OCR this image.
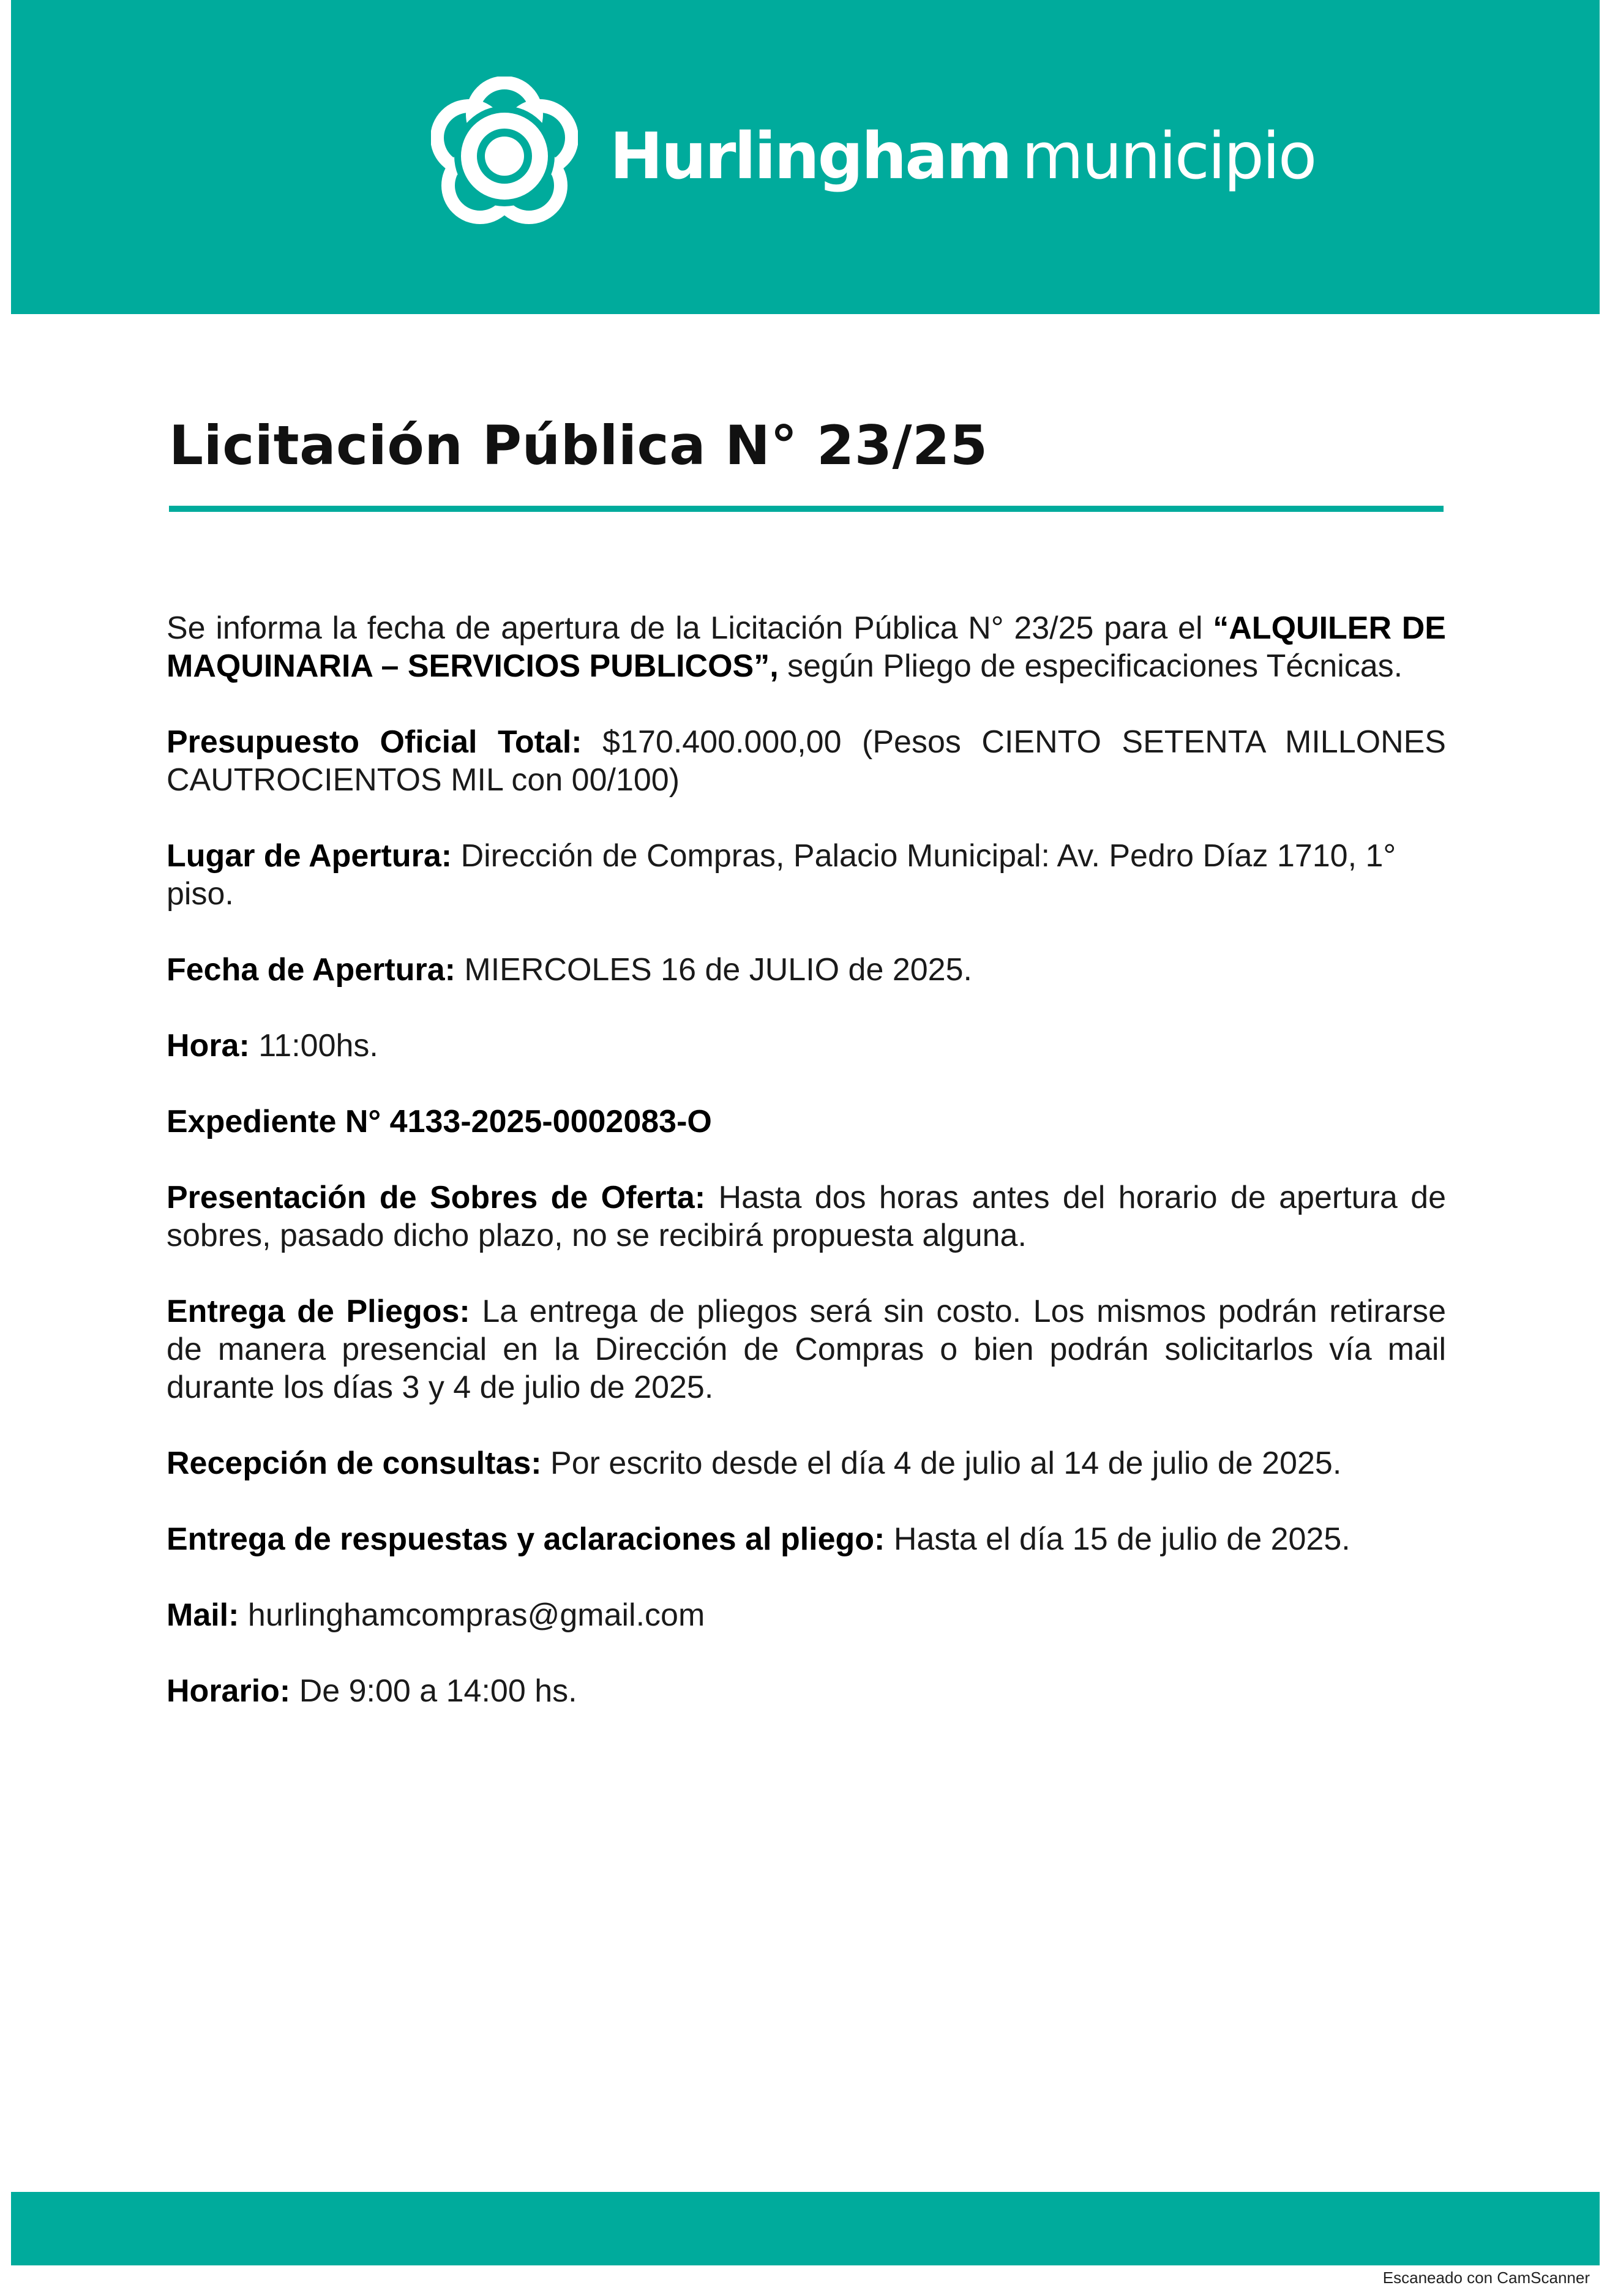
Hurlingham municipio
Licitación Pública N° 23/25

Se informa la fecha de apertura de la Licitación Pública N° 23/25 para el “ALQUILER DE MAQUINARIA – SERVICIOS PUBLICOS”, según Pliego de especificaciones Técnicas.

Presupuesto Oficial Total: $170.400.000,00 (Pesos CIENTO SETENTA MILLONES CAUTROCIENTOS MIL con 00/100)

Lugar de Apertura: Dirección de Compras, Palacio Municipal: Av. Pedro Díaz 1710, 1° piso.

Fecha de Apertura: MIERCOLES 16 de JULIO de 2025.

Hora: 11:00hs.

Expediente N° 4133-2025-0002083-O

Presentación de Sobres de Oferta: Hasta dos horas antes del horario de apertura de sobres, pasado dicho plazo, no se recibirá propuesta alguna.

Entrega de Pliegos: La entrega de pliegos será sin costo. Los mismos podrán retirarse de manera presencial en la Dirección de Compras o bien podrán solicitarlos vía mail durante los días 3 y 4 de julio de 2025.

Recepción de consultas: Por escrito desde el día 4 de julio al 14 de julio de 2025.

Entrega de respuestas y aclaraciones al pliego: Hasta el día 15 de julio de 2025.

Mail: hurlinghamcompras@gmail.com

Horario: De 9:00 a 14:00 hs.

Escaneado con CamScanner
